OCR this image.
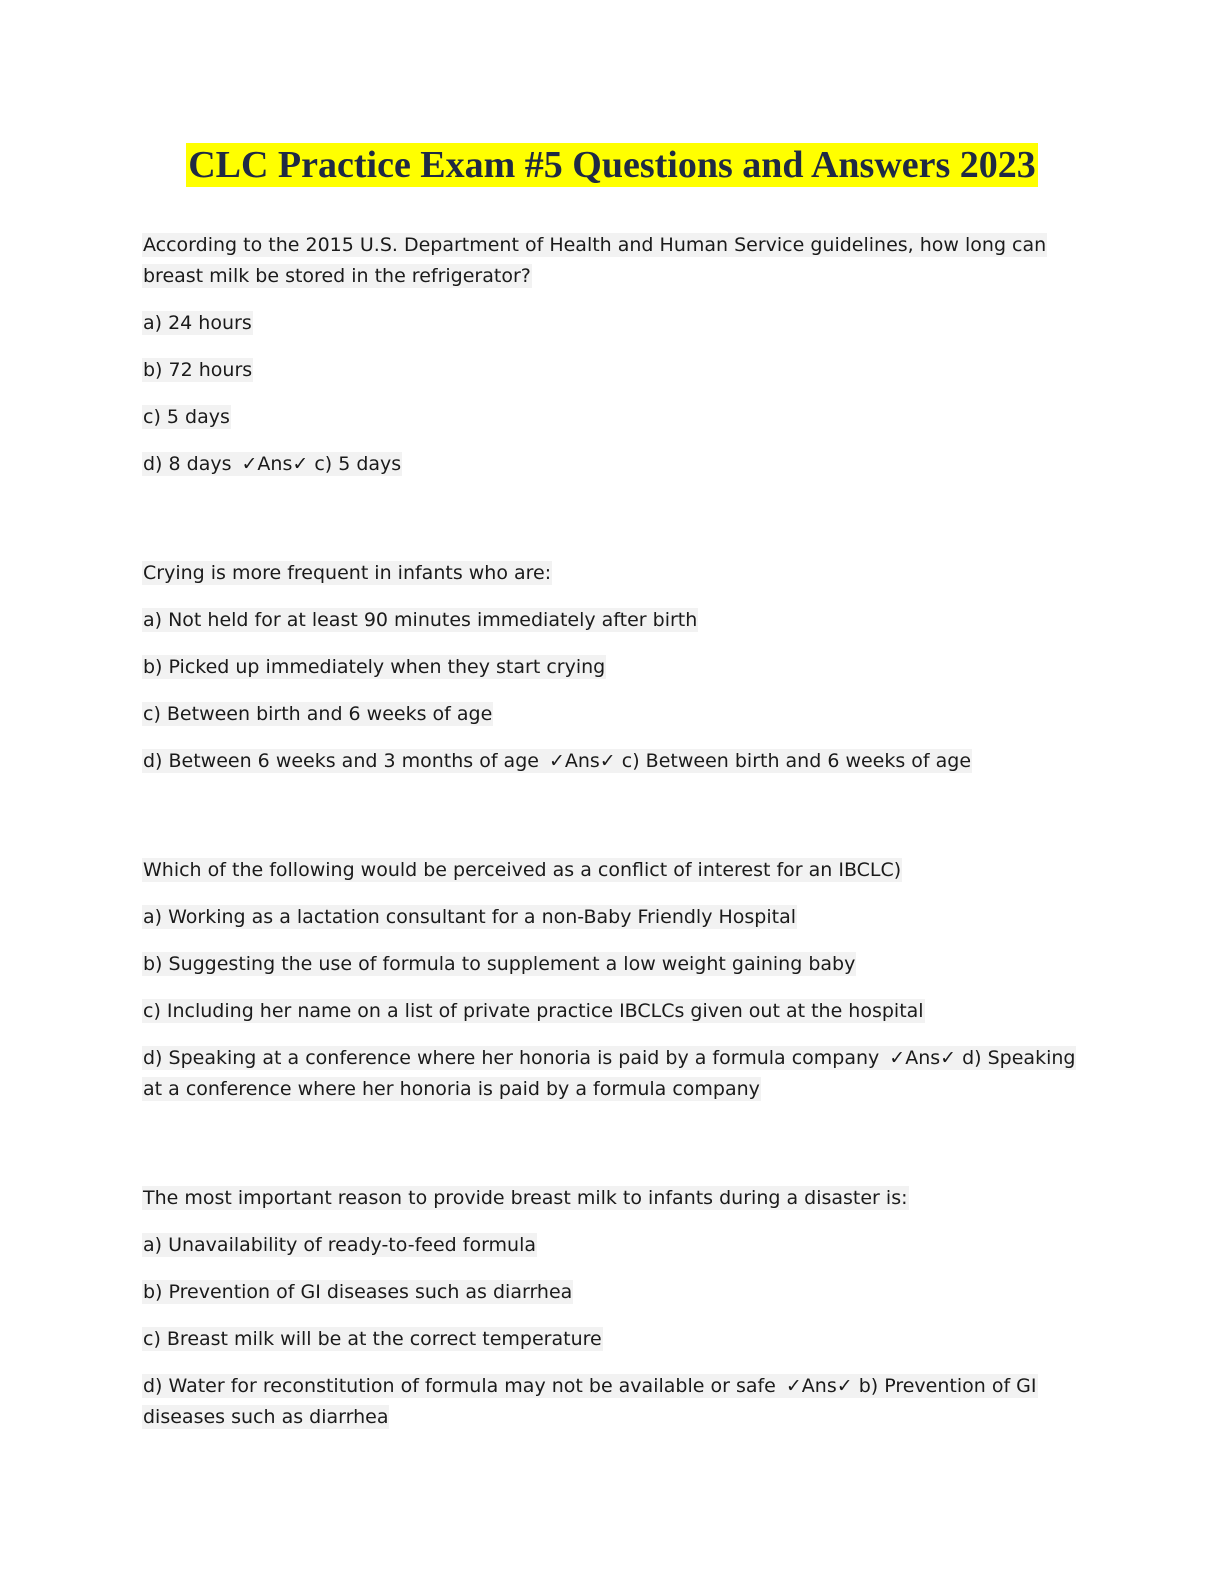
CLC Practice Exam #5 Questions and Answers 2023
According to the 2015 U.S. Department of Health and Human Service guidelines, how long can breast milk be stored in the refrigerator?
a) 24 hours
b) 72 hours
c) 5 days
d) 8 days ✓Ans✓ c) 5 days
Crying is more frequent in infants who are:
a) Not held for at least 90 minutes immediately after birth
b) Picked up immediately when they start crying
c) Between birth and 6 weeks of age
d) Between 6 weeks and 3 months of age ✓Ans✓ c) Between birth and 6 weeks of age
Which of the following would be perceived as a conflict of interest for an IBCLC)
a) Working as a lactation consultant for a non-Baby Friendly Hospital
b) Suggesting the use of formula to supplement a low weight gaining baby
c) Including her name on a list of private practice IBCLCs given out at the hospital
d) Speaking at a conference where her honoria is paid by a formula company ✓Ans✓ d) Speaking at a conference where her honoria is paid by a formula company
The most important reason to provide breast milk to infants during a disaster is:
a) Unavailability of ready-to-feed formula
b) Prevention of GI diseases such as diarrhea
c) Breast milk will be at the correct temperature
d) Water for reconstitution of formula may not be available or safe ✓Ans✓ b) Prevention of GI diseases such as diarrhea
